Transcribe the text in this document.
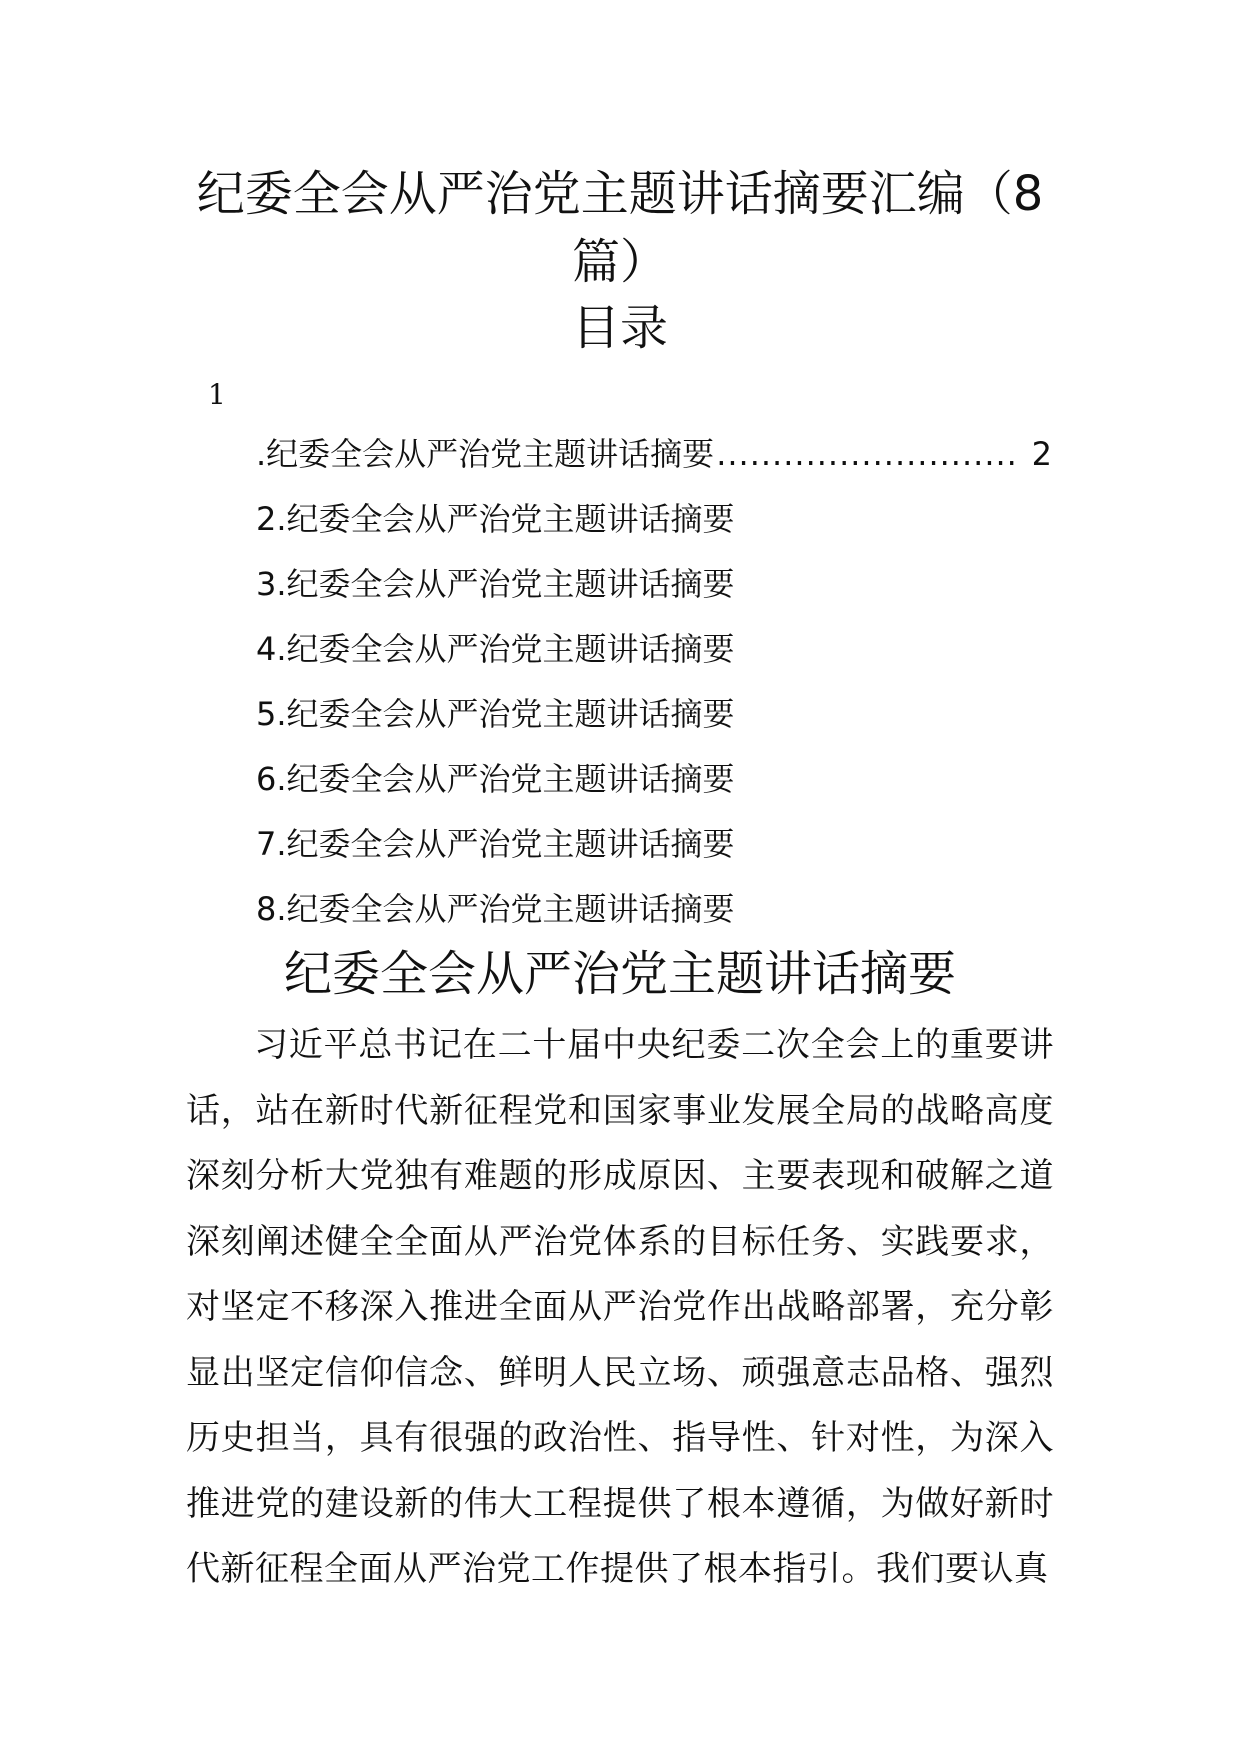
纪委全会从严治党主题讲话摘要汇编（8篇）
目录
1
.纪委全会从严治党主题讲话摘要 ........................... 2
2.纪委全会从严治党主题讲话摘要
3.纪委全会从严治党主题讲话摘要
4.纪委全会从严治党主题讲话摘要
5.纪委全会从严治党主题讲话摘要
6.纪委全会从严治党主题讲话摘要
7.纪委全会从严治党主题讲话摘要
8.纪委全会从严治党主题讲话摘要
纪委全会从严治党主题讲话摘要

习近平总书记在二十届中央纪委二次全会上的重要讲话，站在新时代新征程党和国家事业发展全局的战略高度深刻分析大党独有难题的形成原因、主要表现和破解之道深刻阐述健全全面从严治党体系的目标任务、实践要求，对坚定不移深入推进全面从严治党作出战略部署，充分彰显出坚定信仰信念、鲜明人民立场、顽强意志品格、强烈历史担当，具有很强的政治性、指导性、针对性，为深入推进党的建设新的伟大工程提供了根本遵循，为做好新时代新征程全面从严治党工作提供了根本指引。我们要认真
